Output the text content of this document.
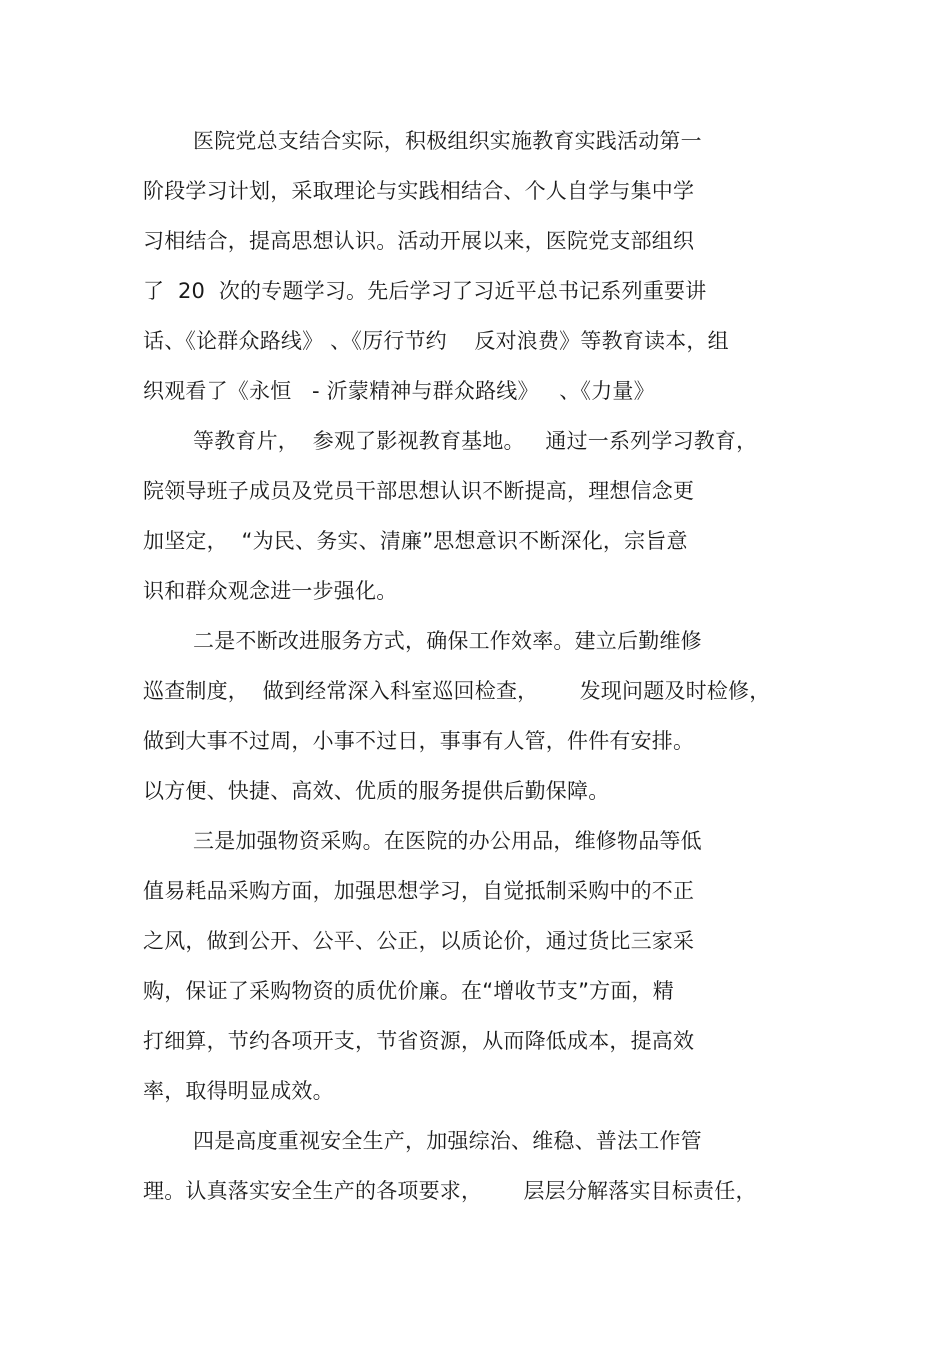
医院党总支结合实际，积极组织实施教育实践活动第一
阶段学习计划，采取理论与实践相结合、个人自学与集中学
习相结合，提高思想认识。活动开展以来，医院党支部组织
了  20  次的专题学习。先后学习了习近平总书记系列重要讲
话、《论群众路线》 、《厉行节约    反对浪费》等教育读本，组
织观看了《永恒   - 沂蒙精神与群众路线》   、《力量》
等教育片，  参观了影视教育基地。   通过一系列学习教育，
院领导班子成员及党员干部思想认识不断提高，理想信念更
加坚定，  “为民、务实、清廉”思想意识不断深化，宗旨意
识和群众观念进一步强化。
二是不断改进服务方式，确保工作效率。建立后勤维修
巡查制度，  做到经常深入科室巡回检查，      发现问题及时检修，
做到大事不过周，小事不过日，事事有人管，件件有安排。
以方便、快捷、高效、优质的服务提供后勤保障。
三是加强物资采购。在医院的办公用品，维修物品等低
值易耗品采购方面，加强思想学习，自觉抵制采购中的不正
之风，做到公开、公平、公正，以质论价，通过货比三家采
购，保证了采购物资的质优价廉。在“增收节支”方面，精
打细算，节约各项开支，节省资源，从而降低成本，提高效
率，取得明显成效。
四是高度重视安全生产，加强综治、维稳、普法工作管
理。认真落实安全生产的各项要求，      层层分解落实目标责任，
